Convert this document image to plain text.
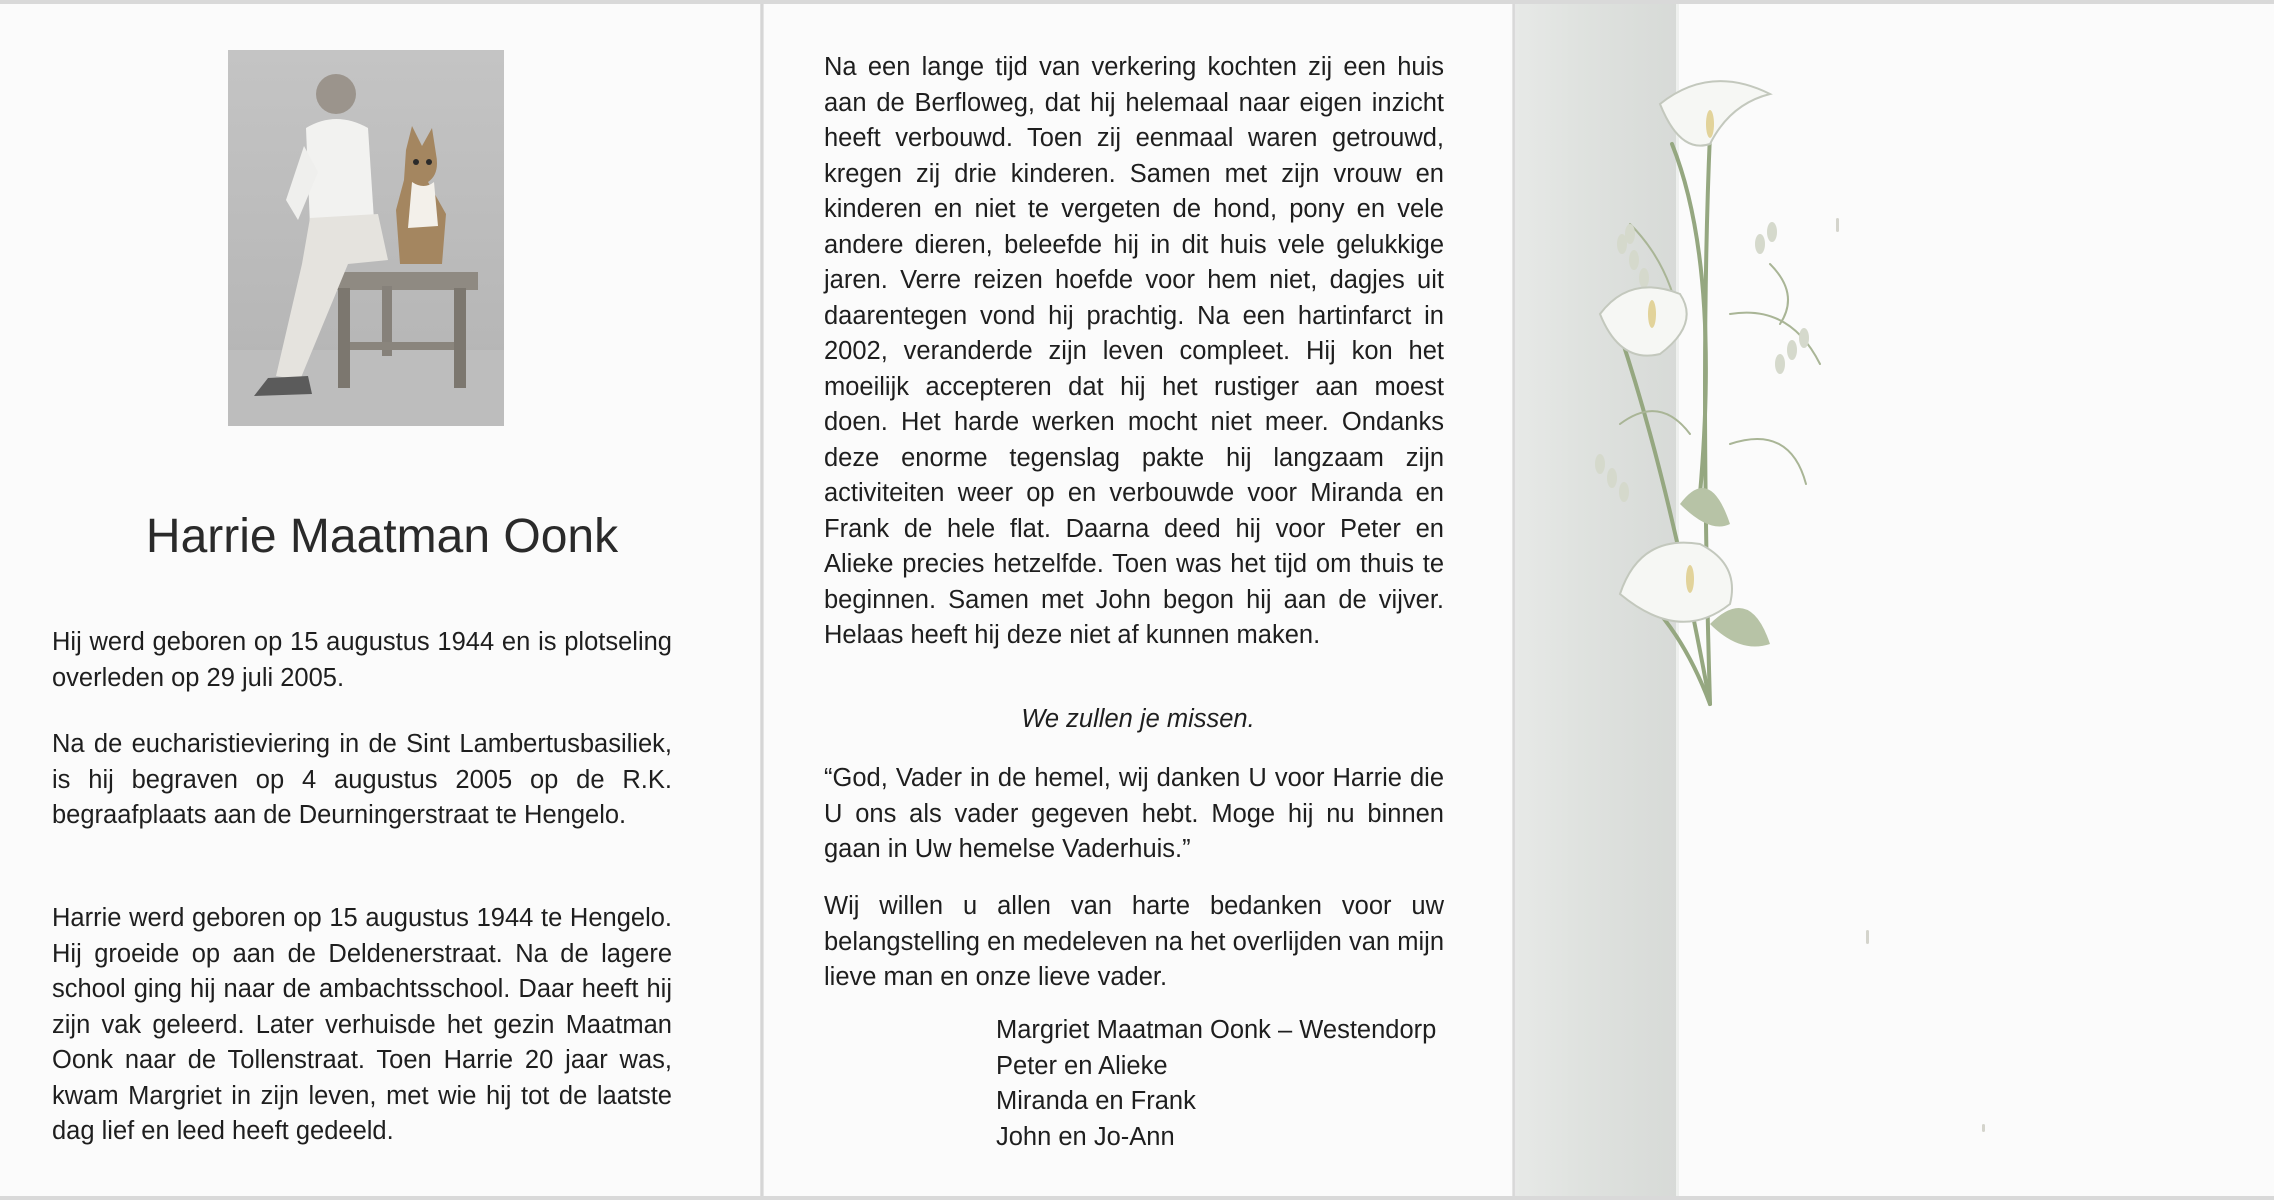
Harrie Maatman Oonk

Hij werd geboren op 15 augustus 1944 en is plotseling overleden op 29 juli 2005.

Na de eucharistieviering in de Sint Lambertusbasiliek, is hij begraven op 4 augustus 2005 op de R.K. begraafplaats aan de Deurningerstraat te Hengelo.

Harrie werd geboren op 15 augustus 1944 te Hengelo. Hij groeide op aan de Deldenerstraat. Na de lagere school ging hij naar de ambachtsschool. Daar heeft hij zijn vak geleerd. Later verhuisde het gezin Maatman Oonk naar de Tollenstraat. Toen Harrie 20 jaar was, kwam Margriet in zijn leven, met wie hij tot de laatste dag lief en leed heeft gedeeld.

Na een lange tijd van verkering kochten zij een huis aan de Berfloweg, dat hij helemaal naar eigen inzicht heeft verbouwd. Toen zij eenmaal waren getrouwd, kregen zij drie kinderen. Samen met zijn vrouw en kinderen en niet te vergeten de hond, pony en vele andere dieren, beleefde hij in dit huis vele gelukkige jaren. Verre reizen hoefde voor hem niet, dagjes uit daarentegen vond hij prachtig. Na een hartinfarct in 2002, veranderde zijn leven compleet. Hij kon het moeilijk accepteren dat hij het rustiger aan moest doen. Het harde werken mocht niet meer. Ondanks deze enorme tegenslag pakte hij langzaam zijn activiteiten weer op en verbouwde voor Miranda en Frank de hele flat. Daarna deed hij voor Peter en Alieke precies hetzelfde. Toen was het tijd om thuis te beginnen. Samen met John begon hij aan de vijver. Helaas heeft hij deze niet af kunnen maken.

We zullen je missen.

“God, Vader in de hemel, wij danken U voor Harrie die U ons als vader gegeven hebt. Moge hij nu binnen gaan in Uw hemelse Vaderhuis.”

Wij willen u allen van harte bedanken voor uw belangstelling en medeleven na het overlijden van mijn lieve man en onze lieve vader.

Margriet Maatman Oonk – Westendorp
Peter en Alieke
Miranda en Frank
John en Jo-Ann
